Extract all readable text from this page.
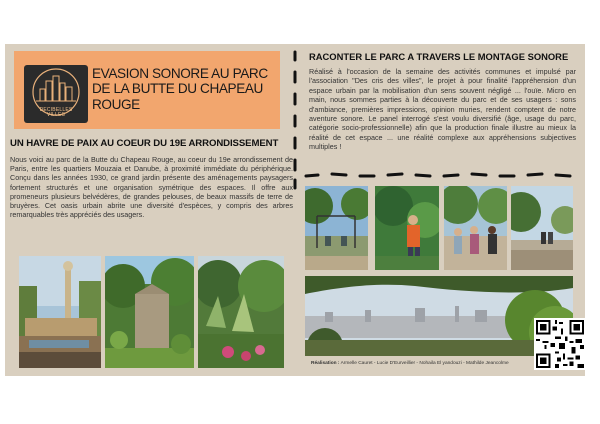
DECIBELLES
VILLES
EVASION SONORE AU PARC DE LA BUTTE DU CHAPEAU ROUGE
UN HAVRE DE PAIX AU COEUR DU 19E ARRONDISSEMENT
Nous voici au parc de la Butte du Chapeau Rouge, au coeur du 19e arrondissement de Paris, entre les quartiers Mouzaia et Danube, à proximité immédiate du périphérique. Conçu dans les années 1930, ce grand jardin présente des aménagements paysagers fortement structurés et une organisation symétrique des espaces. Il offre aux promeneurs plusieurs belvédères, de grandes pelouses, de beaux massifs de terre de bruyères. Cet oasis urbain abrite une diversité d'espèces, y compris des arbres remarquables très appréciés des usagers.
RACONTER LE PARC A TRAVERS LE MONTAGE SONORE
Réalisé à l'occasion de la semaine des activités communes et impulsé par l'association "Des cris des villes", le projet à pour finalité l'appréhension d'un espace urbain par la mobilisation d'un sens souvent négligé ... l'ouïe. Micro en main, nous sommes parties à la découverte du parc et de ses usagers : sons d'ambiance, premières impressions, opinion muries, rendent comptent de notre aventure sonore. Le panel interrogé s'est voulu diversifié (âge, usage du parc, catégorie socio-professionnelle) afin que la production finale illustre au mieux la réalité de cet espace ... une réalité complexe aux appréhensions subjectives multiples !
Réalisation : Armelle Cauret - Lucie D'Eurveillier - Nohaila El yandouzi - Mathilde Jeancolme
